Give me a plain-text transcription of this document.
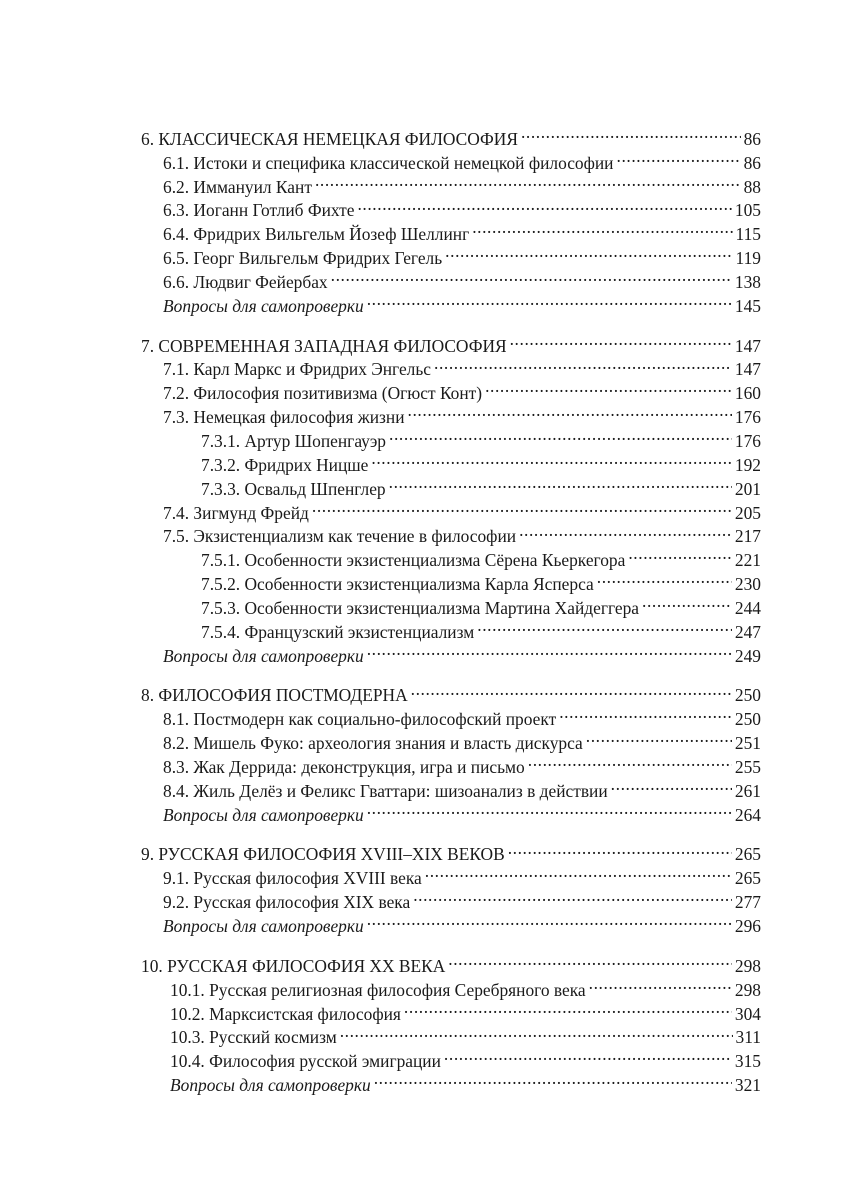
6. КЛАССИЧЕСКАЯ НЕМЕЦКАЯ ФИЛОСОФИЯ .....	86
6.1. Истоки и специфика классической немецкой философии .....	86
6.2. Иммануил Кант .....	88
6.3. Иоганн Готлиб Фихте .....	105
6.4. Фридрих Вильгельм Йозеф Шеллинг .....	115
6.5. Георг Вильгельм Фридрих Гегель .....	119
6.6. Людвиг Фейербах .....	138
Вопросы для самопроверки .....	145
7. СОВРЕМЕННАЯ ЗАПАДНАЯ ФИЛОСОФИЯ .....	147
7.1. Карл Маркс и Фридрих Энгельс .....	147
7.2. Философия позитивизма (Огюст Конт) .....	160
7.3. Немецкая философия жизни .....	176
7.3.1. Артур Шопенгауэр .....	176
7.3.2. Фридрих Ницше .....	192
7.3.3. Освальд Шпенглер .....	201
7.4. Зигмунд Фрейд .....	205
7.5. Экзистенциализм как течение в философии .....	217
7.5.1. Особенности экзистенциализма Сёрена Кьеркегора .....	221
7.5.2. Особенности экзистенциализма Карла Ясперса .....	230
7.5.3. Особенности экзистенциализма Мартина Хайдеггера .....	244
7.5.4. Французский экзистенциализм .....	247
Вопросы для самопроверки .....	249
8. ФИЛОСОФИЯ ПОСТМОДЕРНА .....	250
8.1. Постмодерн как социально-философский проект .....	250
8.2. Мишель Фуко: археология знания и власть дискурса .....	251
8.3. Жак Деррида: деконструкция, игра и письмо .....	255
8.4. Жиль Делёз и Феликс Гваттари: шизоанализ в действии .....	261
Вопросы для самопроверки .....	264
9. РУССКАЯ ФИЛОСОФИЯ XVIII–XIX ВЕКОВ .....	265
9.1. Русская философия XVIII века .....	265
9.2. Русская философия XIX века .....	277
Вопросы для самопроверки .....	296
10. РУССКАЯ ФИЛОСОФИЯ XX ВЕКА .....	298
10.1. Русская религиозная философия Серебряного века .....	298
10.2. Марксистская философия .....	304
10.3. Русский космизм .....	311
10.4. Философия русской эмиграции .....	315
Вопросы для самопроверки .....	321
